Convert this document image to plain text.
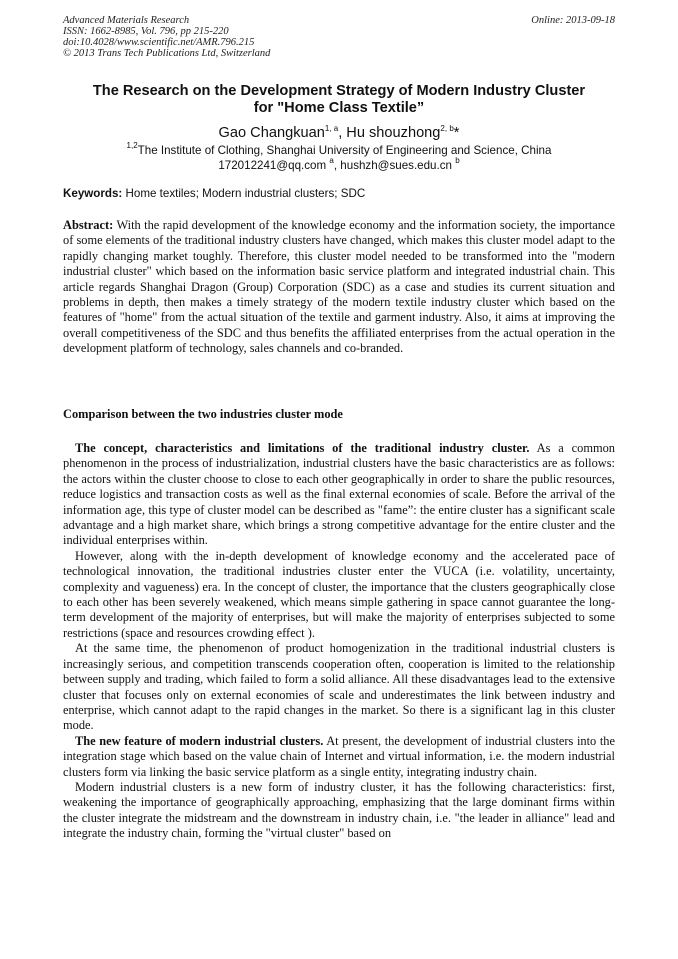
Advanced Materials Research	Online: 2013-09-18
ISSN: 1662-8985, Vol. 796, pp 215-220
doi:10.4028/www.scientific.net/AMR.796.215
© 2013 Trans Tech Publications Ltd, Switzerland
The Research on the Development Strategy of Modern Industry Cluster
for "Home Class Textile”
Gao Changkuan$^{1, a}$, Hu shouzhong$^{2, b}$*
$^{1,2}$The Institute of Clothing, Shanghai University of Engineering and Science, China
172012241@qq.com $^a$, hushzh@sues.edu.cn $^b$
Keywords: Home textiles; Modern industrial clusters; SDC

Abstract: With the rapid development of the knowledge economy and the information society, the importance of some elements of the traditional industry clusters have changed, which makes this cluster model adapt to the rapidly changing market toughly. Therefore, this cluster model needed to be transformed into the "modern industrial cluster" which based on the information basic service platform and integrated industrial chain. This article regards Shanghai Dragon (Group) Corporation (SDC) as a case and studies its current situation and problems in depth, then makes a timely strategy of the modern textile industry cluster which based on the features of "home" from the actual situation of the textile and garment industry. Also, it aims at improving the overall competitiveness of the SDC and thus benefits the affiliated enterprises from the actual operation in the development platform of technology, sales channels and co-branded.

Comparison between the two industries cluster mode

The concept, characteristics and limitations of the traditional industry cluster. As a common phenomenon in the process of industrialization, industrial clusters have the basic characteristics are as follows: the actors within the cluster choose to close to each other geographically in order to share the public resources, reduce logistics and transaction costs as well as the final external economies of scale. Before the arrival of the information age, this type of cluster model can be described as "fame”: the entire cluster has a significant scale advantage and a high market share, which brings a strong competitive advantage for the entire cluster and the individual enterprises within.

However, along with the in-depth development of knowledge economy and the accelerated pace of technological innovation, the traditional industries cluster enter the VUCA (i.e. volatility, uncertainty, complexity and vagueness) era. In the concept of cluster, the importance that the clusters geographically close to each other has been severely weakened, which means simple gathering in space cannot guarantee the long-term development of the majority of enterprises, but will make the majority of enterprises subjected to some restrictions (space and resources crowding effect ).

At the same time, the phenomenon of product homogenization in the traditional industrial clusters is increasingly serious, and competition transcends cooperation often, cooperation is limited to the relationship between supply and trading, which failed to form a solid alliance. All these disadvantages lead to the extensive cluster that focuses only on external economies of scale and underestimates the link between industry and enterprise, which cannot adapt to the rapid changes in the market. So there is a significant lag in this cluster mode.

The new feature of modern industrial clusters. At present, the development of industrial clusters into the integration stage which based on the value chain of Internet and virtual information, i.e. the modern industrial clusters form via linking the basic service platform as a single entity, integrating industry chain.

Modern industrial clusters is a new form of industry cluster, it has the following characteristics: first, weakening the importance of geographically approaching, emphasizing that the large dominant firms within the cluster integrate the midstream and the downstream in industry chain, i.e. "the leader in alliance" lead and integrate the industry chain, forming the "virtual cluster" based on
